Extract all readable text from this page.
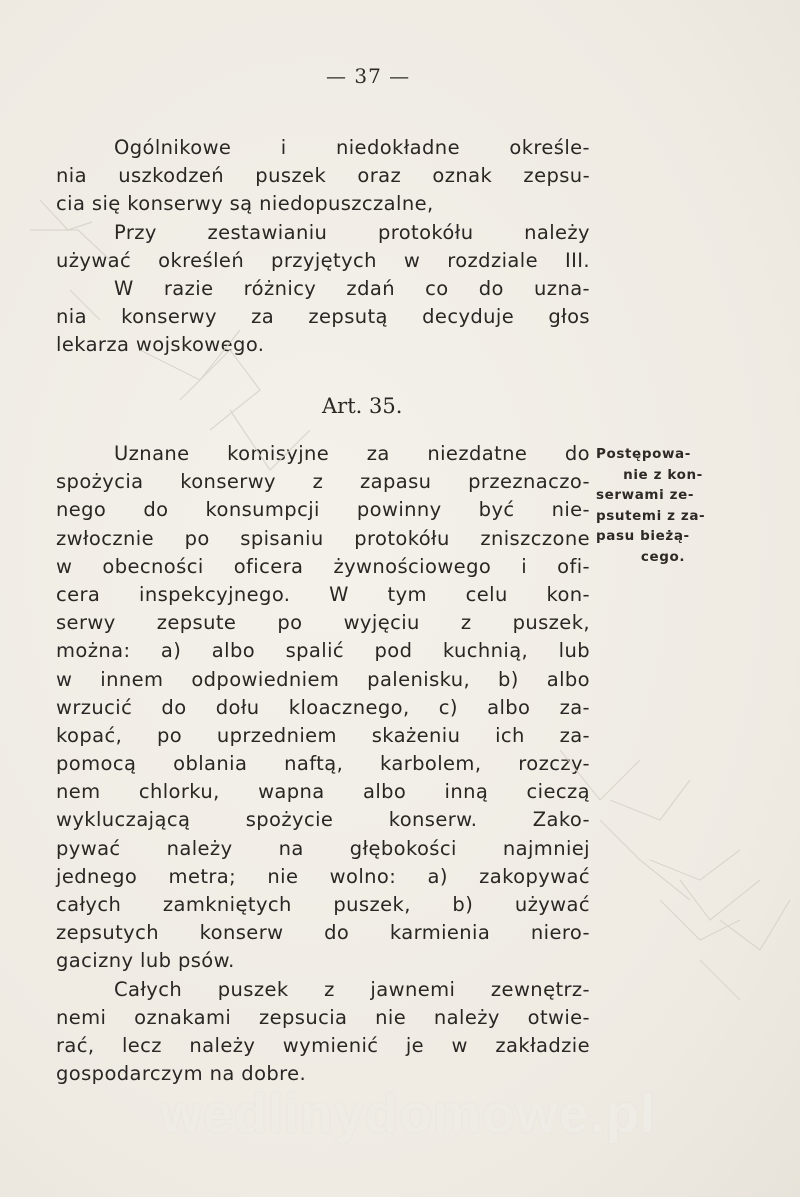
— 37 —
Ogólnikowe i niedokładne określe-
nia uszkodzeń puszek oraz oznak zepsu-
cia się konserwy są niedopuszczalne,
Przy zestawianiu protokółu należy
używać określeń przyjętych w rozdziale III.
W razie różnicy zdań co do uzna-
nia konserwy za zepsutą decyduje głos
lekarza wojskowego.
Art. 35.
Uznane komisyjne za niezdatne do
spożycia konserwy z zapasu przeznaczo-
nego do konsumpcji powinny być nie-
zwłocznie po spisaniu protokółu zniszczone
w obecności oficera żywnościowego i ofi-
cera inspekcyjnego. W tym celu kon-
serwy zepsute po wyjęciu z puszek,
można: a) albo spalić pod kuchnią, lub
w innem odpowiedniem palenisku, b) albo
wrzucić do dołu kloacznego, c) albo za-
kopać, po uprzedniem skażeniu ich za-
pomocą oblania naftą, karbolem, rozczy-
nem chlorku, wapna albo inną cieczą
wykluczającą spożycie konserw. Zako-
pywać należy na głębokości najmniej
jednego metra; nie wolno: a) zakopywać
całych zamkniętych puszek, b) używać
zepsutych konserw do karmienia niero-
gacizny lub psów.
Całych puszek z jawnemi zewnętrz-
nemi oznakami zepsucia nie należy otwie-
rać, lecz należy wymienić je w zakładzie
gospodarczym na dobre.
Postępowa-
nie z kon-
serwami ze-
psutemi z za-
pasu bieżą-
cego.
wedlinydomowe.pl
